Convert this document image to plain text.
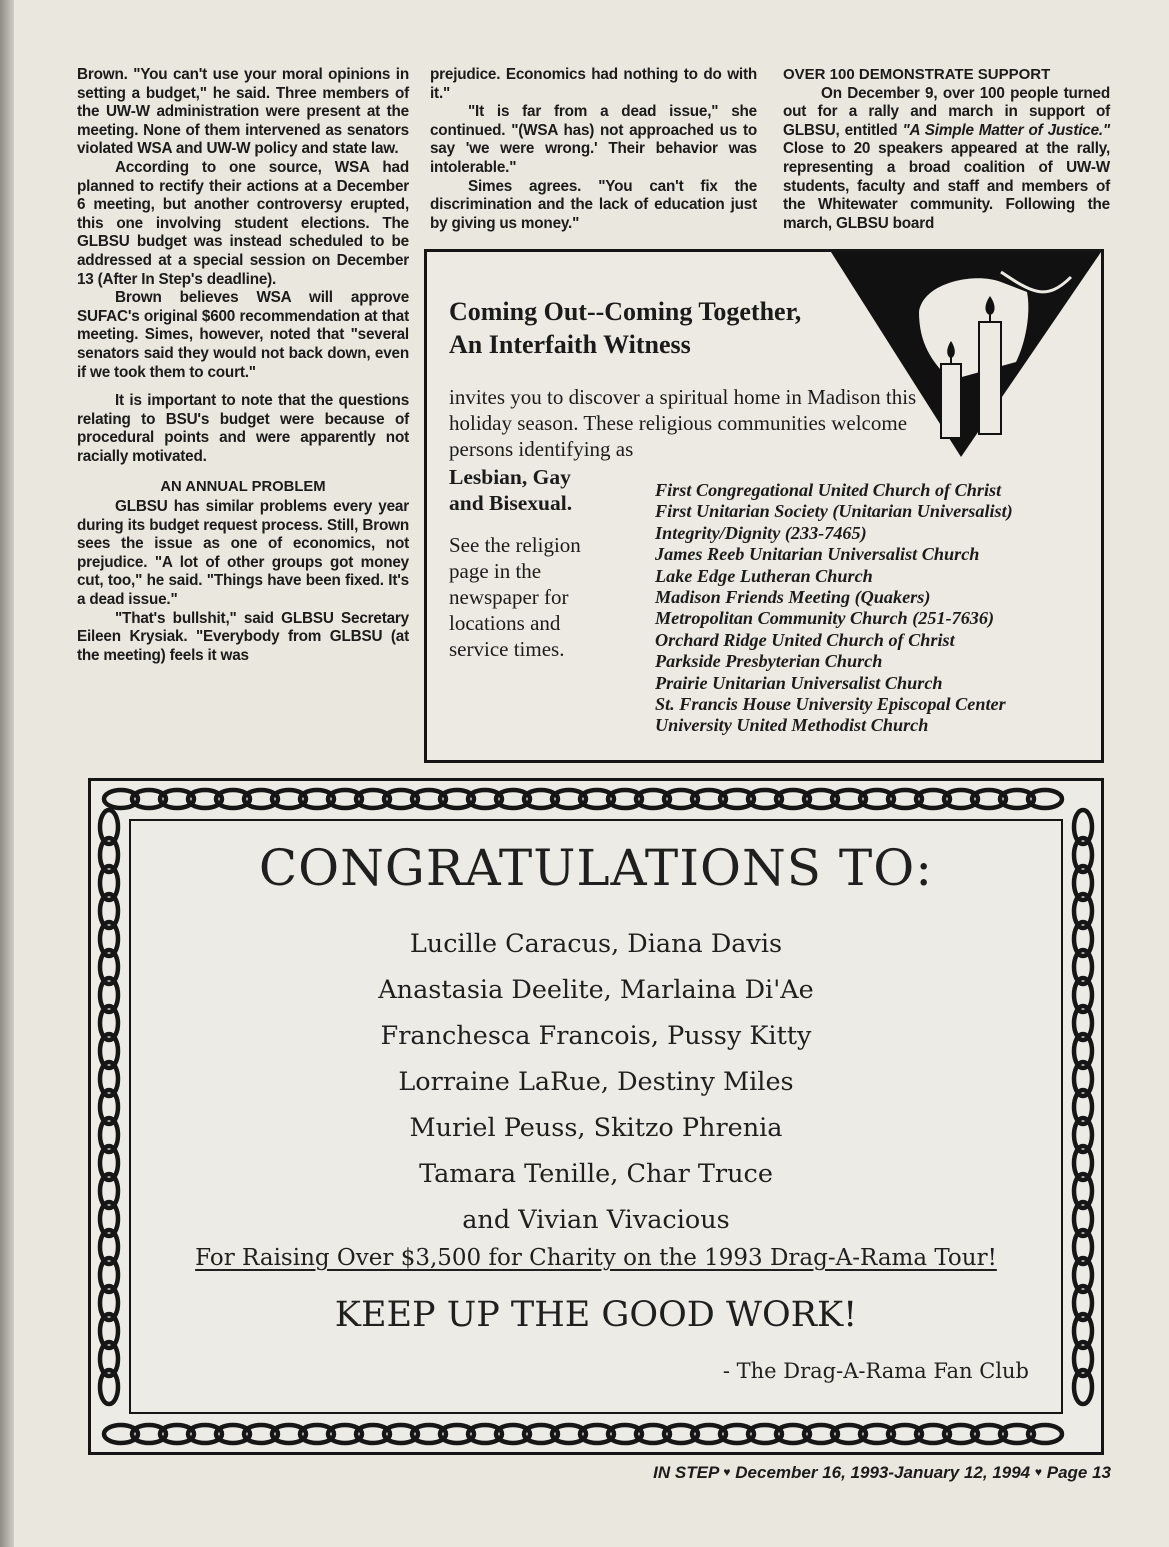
Brown. "You can't use your moral opinions in setting a budget," he said. Three members of the UW-W administration were present at the meeting. None of them intervened as senators violated WSA and UW-W policy and state law.

According to one source, WSA had planned to rectify their actions at a December 6 meeting, but another controversy erupted, this one involving student elections. The GLBSU budget was instead scheduled to be addressed at a special session on December 13 (After In Step's deadline).

Brown believes WSA will approve SUFAC's original $600 recommendation at that meeting. Simes, however, noted that "several senators said they would not back down, even if we took them to court."

It is important to note that the questions relating to BSU's budget were because of procedural points and were apparently not racially motivated.

AN ANNUAL PROBLEM

GLBSU has similar problems every year during its budget request process. Still, Brown sees the issue as one of economics, not prejudice. "A lot of other groups got money cut, too," he said. "Things have been fixed. It's a dead issue."

"That's bullshit," said GLBSU Secretary Eileen Krysiak. "Everybody from GLBSU (at the meeting) feels it was

prejudice. Economics had nothing to do with it."

"It is far from a dead issue," she continued. "(WSA has) not approached us to say 'we were wrong.' Their behavior was intolerable."

Simes agrees. "You can't fix the discrimination and the lack of education just by giving us money."

OVER 100 DEMONSTRATE SUPPORT

On December 9, over 100 people turned out for a rally and march in support of GLBSU, entitled "A Simple Matter of Justice." Close to 20 speakers appeared at the rally, representing a broad coalition of UW-W students, faculty and staff and members of the Whitewater community. Following the march, GLBSU board

Coming Out--Coming Together,
An Interfaith Witness
invites you to discover a spiritual home in Madison this holiday season. These religious communities welcome persons identifying as
Lesbian, Gay
and Bisexual.
See the religion
page in the
newspaper for
locations and
service times.
First Congregational United Church of Christ
First Unitarian Society (Unitarian Universalist)
Integrity/Dignity (233-7465)
James Reeb Unitarian Universalist Church
Lake Edge Lutheran Church
Madison Friends Meeting (Quakers)
Metropolitan Community Church (251-7636)
Orchard Ridge United Church of Christ
Parkside Presbyterian Church
Prairie Unitarian Universalist Church
St. Francis House University Episcopal Center
University United Methodist Church
CONGRATULATIONS TO:
Lucille Caracus, Diana Davis
Anastasia Deelite, Marlaina Di'Ae
Franchesca Francois, Pussy Kitty
Lorraine LaRue, Destiny Miles
Muriel Peuss, Skitzo Phrenia
Tamara Tenille, Char Truce
and Vivian Vivacious
For Raising Over $3,500 for Charity on the 1993 Drag-A-Rama Tour!
KEEP UP THE GOOD WORK!
- The Drag-A-Rama Fan Club
IN STEP ♥ December 16, 1993-January 12, 1994 ♥ Page 13
